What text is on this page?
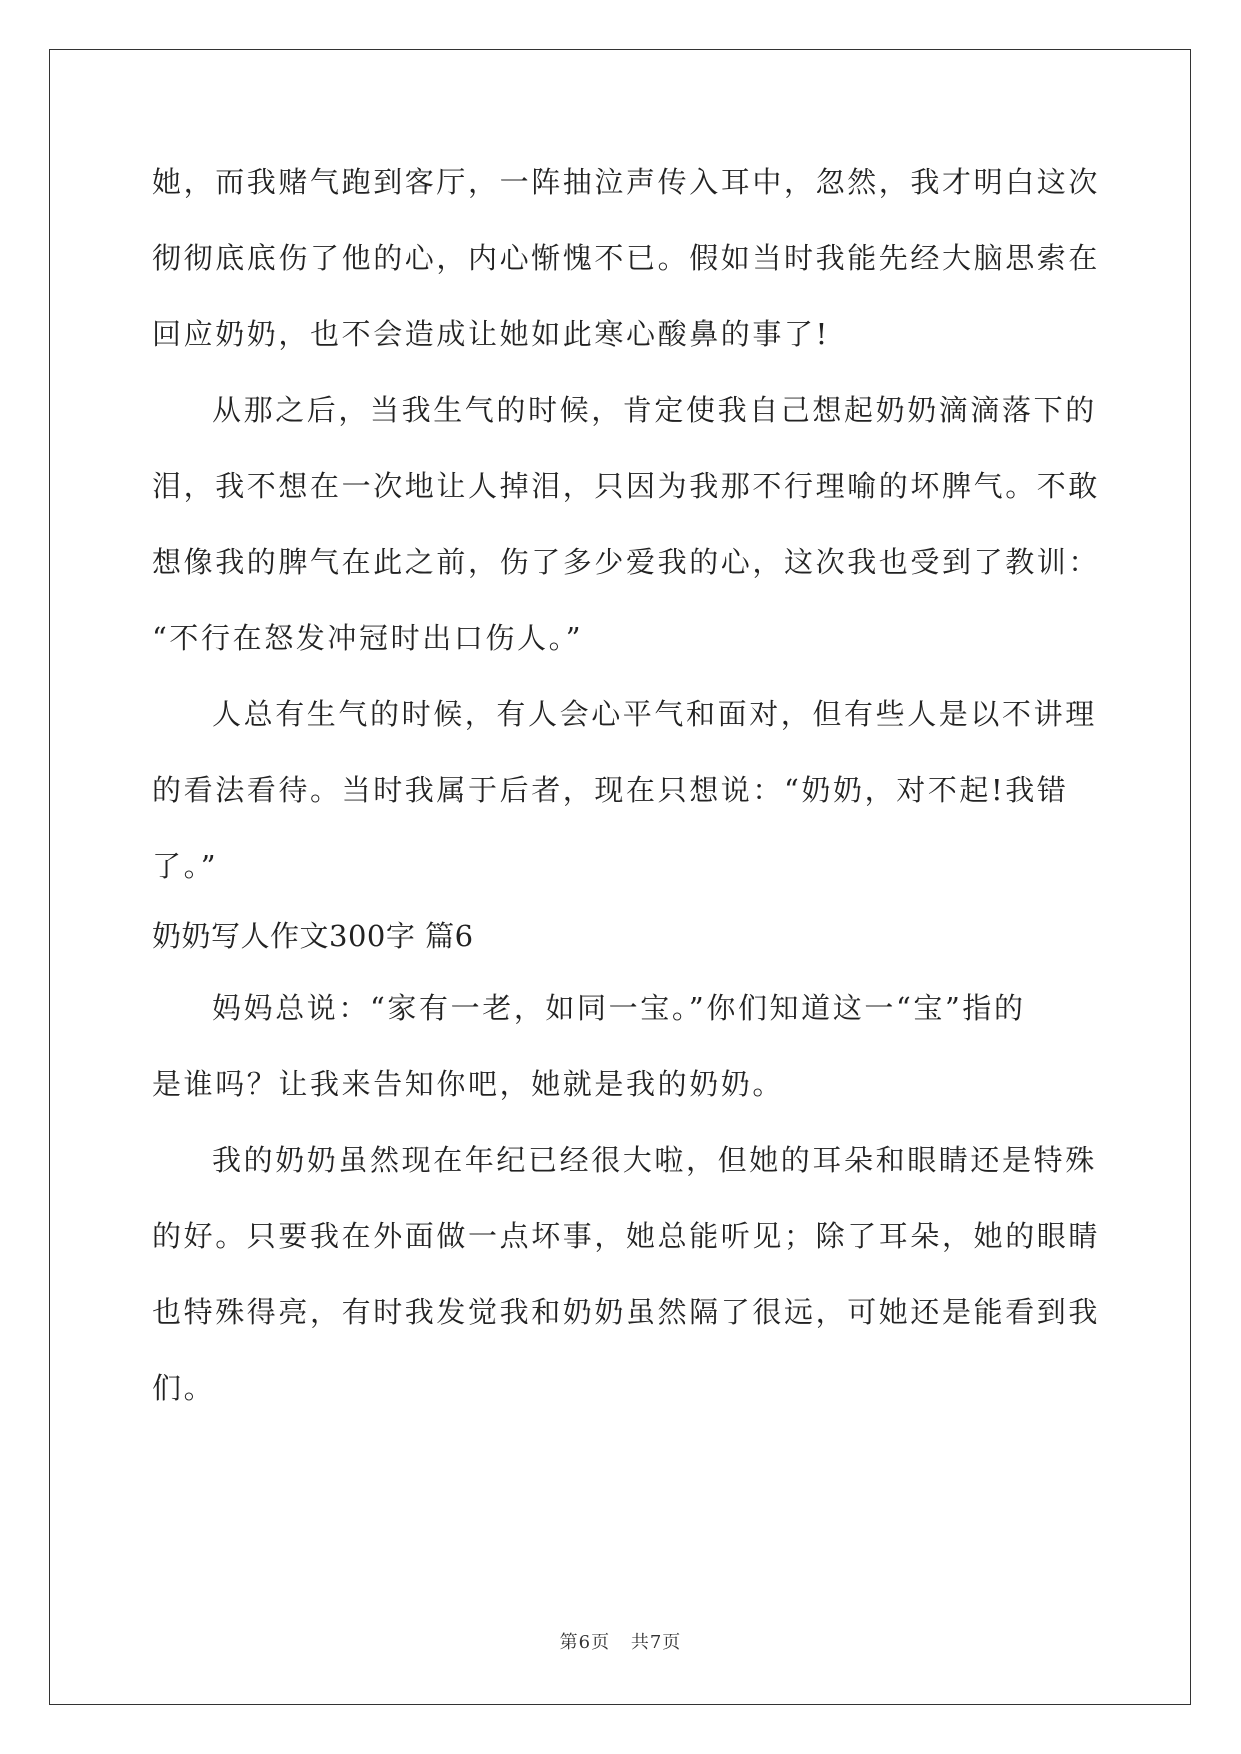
她，而我赌气跑到客厅，一阵抽泣声传入耳中，忽然，我才明白这次
彻彻底底伤了他的心，内心惭愧不已。假如当时我能先经大脑思索在
回应奶奶，也不会造成让她如此寒心酸鼻的事了!
从那之后，当我生气的时候，肯定使我自己想起奶奶滴滴落下的
泪，我不想在一次地让人掉泪，只因为我那不行理喻的坏脾气。不敢
想像我的脾气在此之前，伤了多少爱我的心，这次我也受到了教训：
“不行在怒发冲冠时出口伤人。”
人总有生气的时候，有人会心平气和面对，但有些人是以不讲理
的看法看待。当时我属于后者，现在只想说：“奶奶，对不起!我错
了。”
奶奶写人作文300字 篇6
妈妈总说：“家有一老，如同一宝。”你们知道这一“宝”指的
是谁吗？让我来告知你吧，她就是我的奶奶。
我的奶奶虽然现在年纪已经很大啦，但她的耳朵和眼睛还是特殊
的好。只要我在外面做一点坏事，她总能听见；除了耳朵，她的眼睛
也特殊得亮，有时我发觉我和奶奶虽然隔了很远，可她还是能看到我
们。
第6页 共7页
